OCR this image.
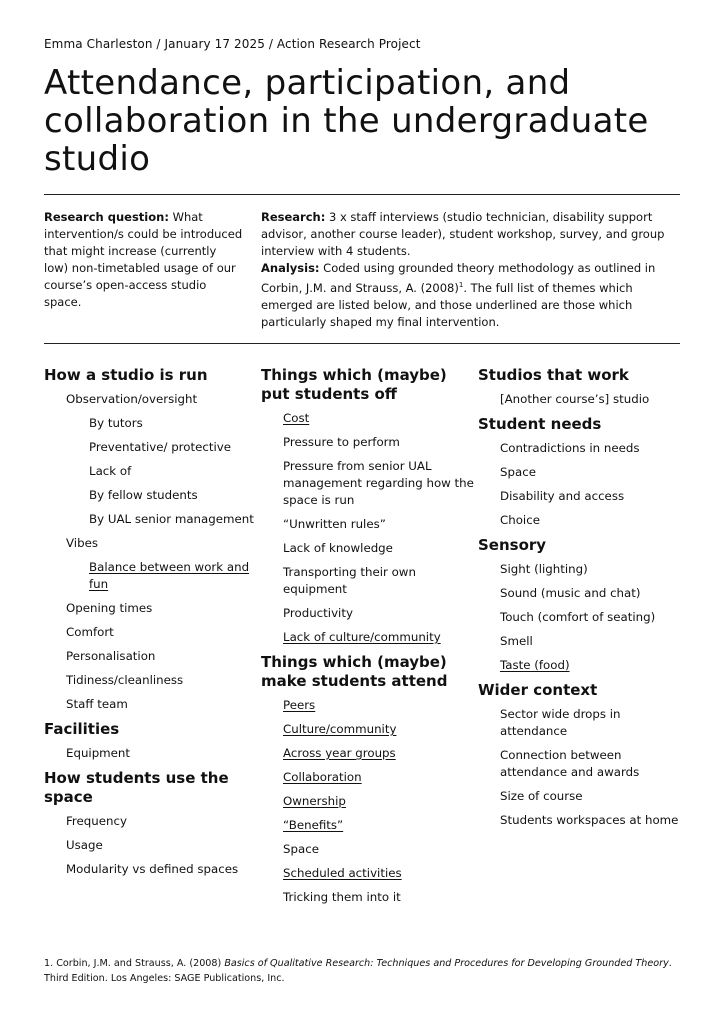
Emma Charleston / January 17 2025 / Action Research Project

Attendance, participation, and collaboration in the undergraduate studio

Research question: What intervention/s could be introduced that might increase (currently low) non-timetabled usage of our course’s open-access studio space.

Research: 3 x staff interviews (studio technician, disability support advisor, another course leader), student workshop, survey, and group interview with 4 students.

Analysis: Coded using grounded theory methodology as outlined in Corbin, J.M. and Strauss, A. $(2008)^1$. The full list of themes which emerged are listed below, and those underlined are those which particularly shaped my final intervention.

How a studio is run
Observation/oversight
By tutors
Preventative/ protective
Lack of
By fellow students
By UAL senior management
Vibes
Balance between work and fun
Opening times
Comfort
Personalisation
Tidiness/cleanliness
Staff team
Facilities
Equipment
How students use the space
Frequency
Usage
Modularity vs defined spaces
Things which (maybe) put students off
Cost
Pressure to perform
Pressure from senior UAL management regarding how the space is run
“Unwritten rules”
Lack of knowledge
Transporting their own equipment
Productivity
Lack of culture/community
Things which (maybe) make students attend
Peers
Culture/community
Across year groups
Collaboration
Ownership
“Benefits”
Space
Scheduled activities
Tricking them into it
Studios that work
[Another course’s] studio
Student needs
Contradictions in needs
Space
Disability and access
Choice
Sensory
Sight (lighting)
Sound (music and chat)
Touch (comfort of seating)
Smell
Taste (food)
Wider context
Sector wide drops in attendance
Connection between attendance and awards
Size of course
Students workspaces at home

1. Corbin, J.M. and Strauss, A. (2008) Basics of Qualitative Research: Techniques and Procedures for Developing Grounded Theory. Third Edition. Los Angeles: SAGE Publications, Inc.
